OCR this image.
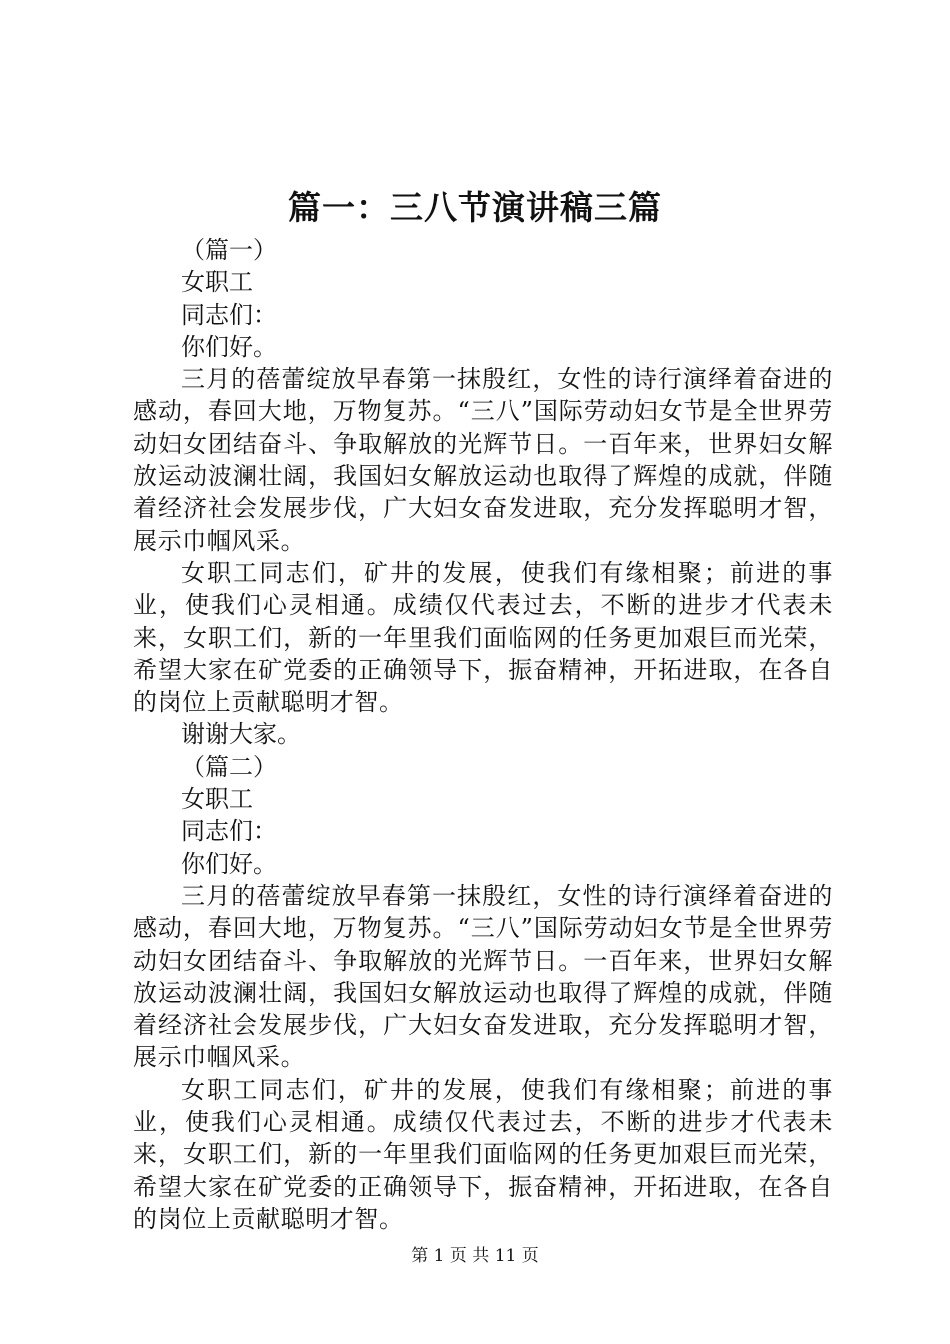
篇一：三八节演讲稿三篇

（篇一）

女职工

同志们：

你们好。

三月的蓓蕾绽放早春第一抹殷红，女性的诗行演绎着奋进的感动，春回大地，万物复苏。“三八”国际劳动妇女节是全世界劳动妇女团结奋斗、争取解放的光辉节日。一百年来，世界妇女解放运动波澜壮阔，我国妇女解放运动也取得了辉煌的成就，伴随着经济社会发展步伐，广大妇女奋发进取，充分发挥聪明才智，展示巾帼风采。

女职工同志们，矿井的发展，使我们有缘相聚；前进的事业，使我们心灵相通。成绩仅代表过去，不断的进步才代表未来，女职工们，新的一年里我们面临网的任务更加艰巨而光荣，希望大家在矿党委的正确领导下，振奋精神，开拓进取，在各自的岗位上贡献聪明才智。

谢谢大家。

（篇二）

女职工

同志们：

你们好。

三月的蓓蕾绽放早春第一抹殷红，女性的诗行演绎着奋进的感动，春回大地，万物复苏。“三八”国际劳动妇女节是全世界劳动妇女团结奋斗、争取解放的光辉节日。一百年来，世界妇女解放运动波澜壮阔，我国妇女解放运动也取得了辉煌的成就，伴随着经济社会发展步伐，广大妇女奋发进取，充分发挥聪明才智，展示巾帼风采。

女职工同志们，矿井的发展，使我们有缘相聚；前进的事业，使我们心灵相通。成绩仅代表过去，不断的进步才代表未来，女职工们，新的一年里我们面临网的任务更加艰巨而光荣，希望大家在矿党委的正确领导下，振奋精神，开拓进取，在各自的岗位上贡献聪明才智。

第 1 页 共 11 页
